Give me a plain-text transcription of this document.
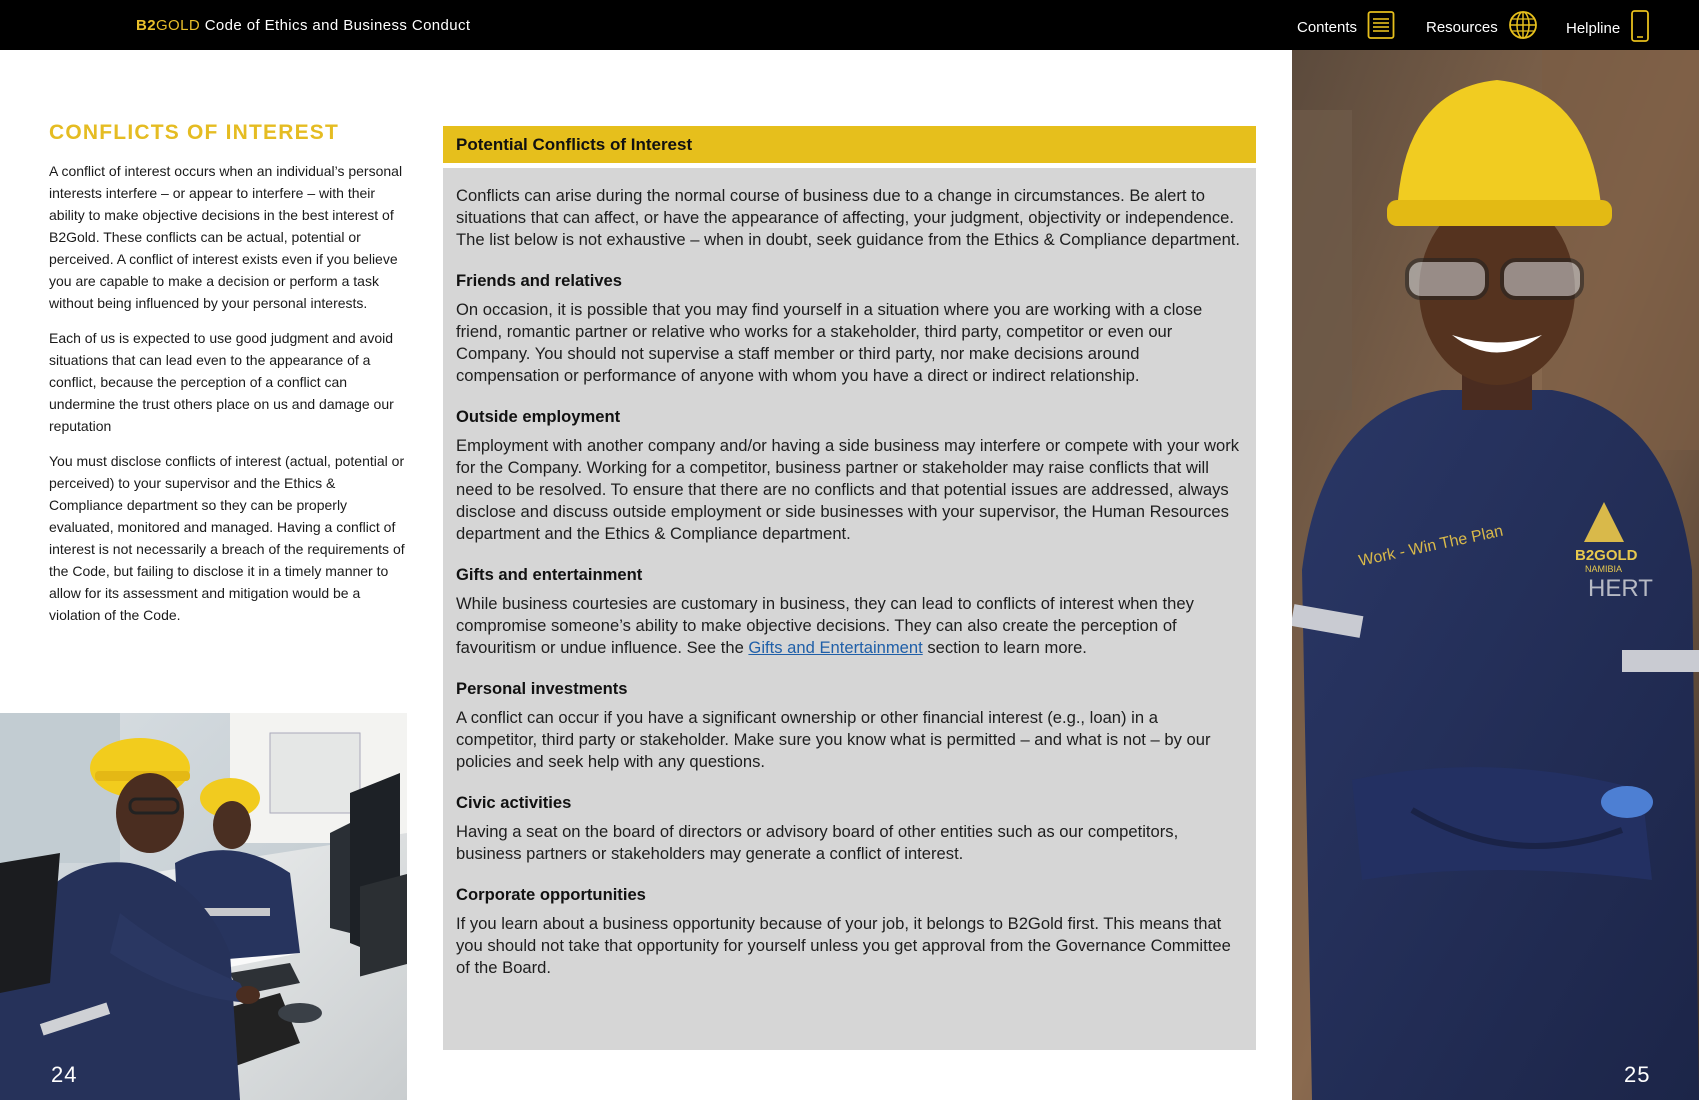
B2GOLD Code of Ethics and Business Conduct	Contents	Resources	Helpline
CONFLICTS OF INTEREST

A conflict of interest occurs when an individual’s personal interests interfere – or appear to interfere – with their ability to make objective decisions in the best interest of B2Gold. These conflicts can be actual, potential or perceived. A conflict of interest exists even if you believe you are capable to make a decision or perform a task without being influenced by your personal interests.

Each of us is expected to use good judgment and avoid situations that can lead even to the appearance of a conflict, because the perception of a conflict can undermine the trust others place on us and damage our reputation

You must disclose conflicts of interest (actual, potential or perceived) to your supervisor and the Ethics & Compliance department so they can be properly evaluated, monitored and managed. Having a conflict of interest is not necessarily a breach of the requirements of the Code, but failing to disclose it in a timely manner to allow for its assessment and mitigation would be a violation of the Code.

24
Potential Conflicts of Interest

Conflicts can arise during the normal course of business due to a change in circumstances. Be alert to situations that can affect, or have the appearance of affecting, your judgment, objectivity or independence. The list below is not exhaustive – when in doubt, seek guidance from the Ethics & Compliance department.

Friends and relatives

On occasion, it is possible that you may find yourself in a situation where you are working with a close friend, romantic partner or relative who works for a stakeholder, third party, competitor or even our Company. You should not supervise a staff member or third party, nor make decisions around compensation or performance of anyone with whom you have a direct or indirect relationship.

Outside employment

Employment with another company and/or having a side business may interfere or compete with your work for the Company. Working for a competitor, business partner or stakeholder may raise conflicts that will need to be resolved. To ensure that there are no conflicts and that potential issues are addressed, always disclose and discuss outside employment or side businesses with your supervisor, the Human Resources department and the Ethics & Compliance department.

Gifts and entertainment

While business courtesies are customary in business, they can lead to conflicts of interest when they compromise someone’s ability to make objective decisions. They can also create the perception of favouritism or undue influence. See the Gifts and Entertainment section to learn more.

Personal investments

A conflict can occur if you have a significant ownership or other financial interest (e.g., loan) in a competitor, third party or stakeholder. Make sure you know what is permitted – and what is not – by our policies and seek help with any questions.

Civic activities

Having a seat on the board of directors or advisory board of other entities such as our competitors, business partners or stakeholders may generate a conflict of interest.

Corporate opportunities

If you learn about a business opportunity because of your job, it belongs to B2Gold first. This means that you should not take that opportunity for yourself unless you get approval from the Governance Committee of the Board.

Work - Win The Plan	B2GOLD
NAMIBIA
HERT
25
